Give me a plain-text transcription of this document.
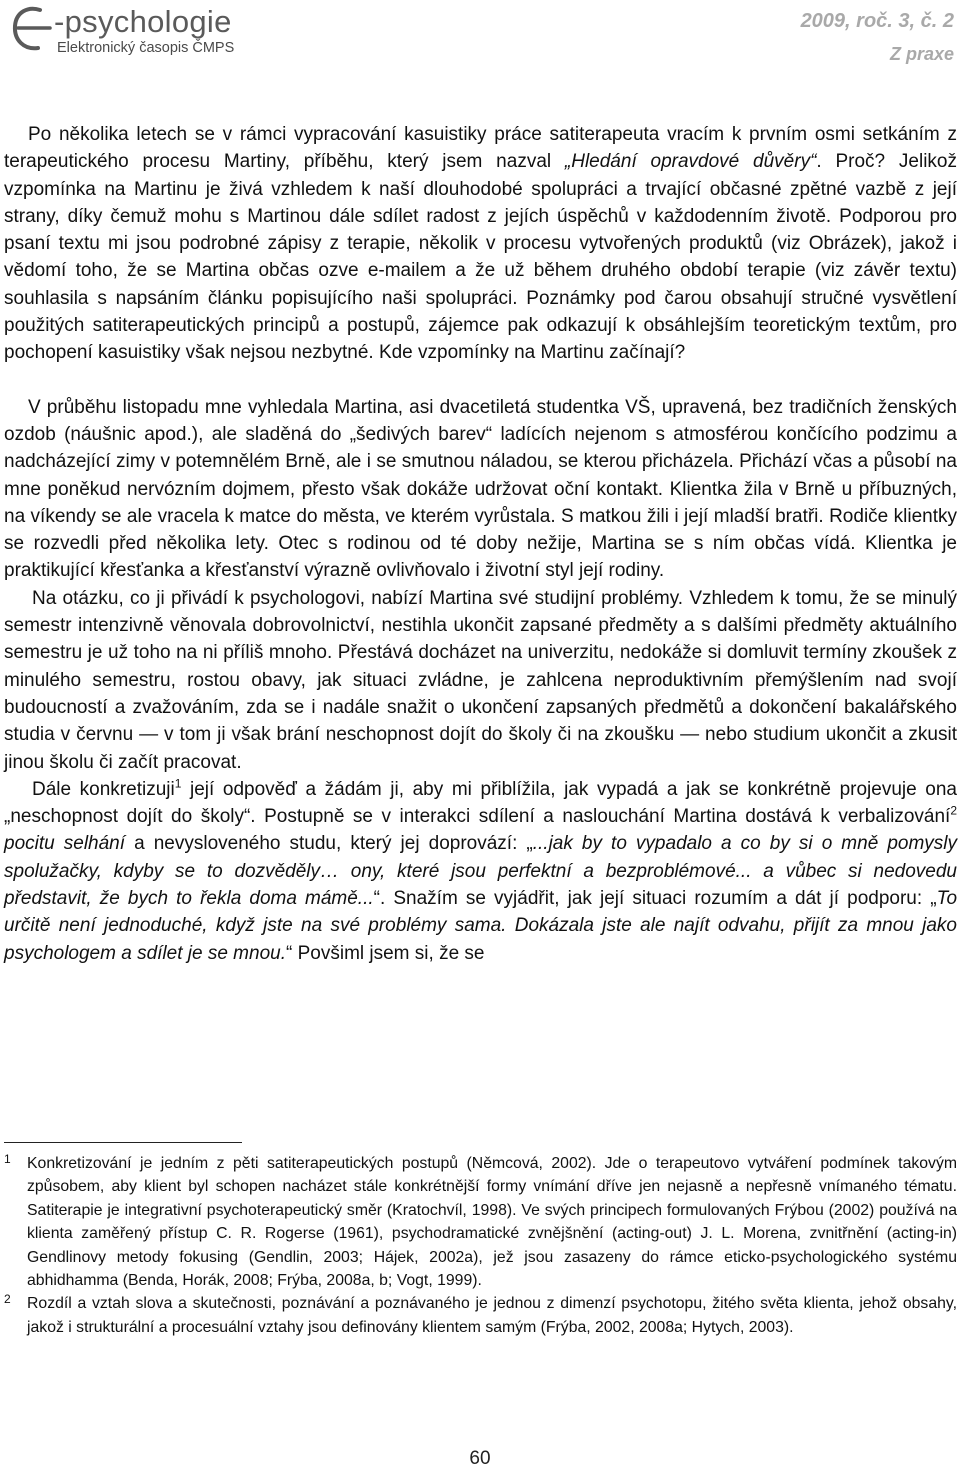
-psychologie
Elektronický časopis ČMPS
2009, roč. 3, č. 2
Z praxe

Po několika letech se v rámci vypracování kasuistiky práce satiterapeuta vracím k prvním osmi setkáním z terapeutického procesu Martiny, příběhu, který jsem nazval „Hledání opravdové důvěry“. Proč? Jelikož vzpomínka na Martinu je živá vzhledem k naší dlouhodobé spolupráci a trvající občasné zpětné vazbě z její strany, díky čemuž mohu s Martinou dále sdílet radost z jejích úspěchů v každodenním životě. Podporou pro psaní textu mi jsou podrobné zápisy z terapie, několik v procesu vytvořených produktů (viz Obrázek), jakož i vědomí toho, že se Martina občas ozve e-mailem a že už během druhého období terapie (viz závěr textu) souhlasila s napsáním článku popisujícího naši spolupráci. Poznámky pod čarou obsahují stručné vysvětlení použitých satiterapeutických principů a postupů, zájemce pak odkazují k obsáhlejším teoretickým textům, pro pochopení kasuistiky však nejsou nezbytné. Kde vzpomínky na Martinu začínají?

V průběhu listopadu mne vyhledala Martina, asi dvacetiletá studentka VŠ, upravená, bez tradičních ženských ozdob (náušnic apod.), ale sladěná do „šedivých barev“ ladících nejenom s atmosférou končícího podzimu a nadcházející zimy v potemnělém Brně, ale i se smutnou náladou, se kterou přicházela. Přichází včas a působí na mne poněkud nervózním dojmem, přesto však dokáže udržovat oční kontakt. Klientka žila v Brně u příbuzných, na víkendy se ale vracela k matce do města, ve kterém vyrůstala. S matkou žili i její mladší bratři. Rodiče klientky se rozvedli před několika lety. Otec s rodinou od té doby nežije, Martina se s ním občas vídá. Klientka je praktikující křesťanka a křesťanství výrazně ovlivňovalo i životní styl její rodiny.

Na otázku, co ji přivádí k psychologovi, nabízí Martina své studijní problémy. Vzhledem k tomu, že se minulý semestr intenzivně věnovala dobrovolnictví, nestihla ukončit zapsané předměty a s dalšími předměty aktuálního semestru je už toho na ni příliš mnoho. Přestává docházet na univerzitu, nedokáže si domluvit termíny zkoušek z minulého semestru, rostou obavy, jak situaci zvládne, je zahlcena neproduktivním přemýšlením nad svojí budoucností a zvažováním, zda se i nadále snažit o ukončení zapsaných předmětů a dokončení bakalářského studia v červnu — v tom ji však brání neschopnost dojít do školy či na zkoušku — nebo studium ukončit a zkusit jinou školu či začít pracovat.

Dále konkretizuji$^1$ její odpověď a žádám ji, aby mi přiblížila, jak vypadá a jak se konkrétně projevuje ona „neschopnost dojít do školy“. Postupně se v interakci sdílení a naslouchání Martina dostává k verbalizování$^2$ pocitu selhání a nevysloveného studu, který jej doprovází: „...jak by to vypadalo a co by si o mně pomysly spolužačky, kdyby se to dozvěděly… ony, které jsou perfektní a bezproblémové... a vůbec si nedovedu představit, že bych to řekla doma mámě...“. Snažím se vyjádřit, jak její situaci rozumím a dát jí podporu: „To určitě není jednoduché, když jste na své problémy sama. Dokázala jste ale najít odvahu, přijít za mnou jako psychologem a sdílet je se mnou.“ Povšiml jsem si, že se

1 Konkretizování je jedním z pěti satiterapeutických postupů (Němcová, 2002). Jde o terapeutovo vytváření podmínek takovým způsobem, aby klient byl schopen nacházet stále konkrétnější formy vnímání dříve jen nejasně a nepřesně vnímaného tématu. Satiterapie je integrativní psychoterapeutický směr (Kratochvíl, 1998). Ve svých principech formulovaných Frýbou (2002) používá na klienta zaměřený přístup C. R. Rogerse (1961), psychodramatické zvnějšnění (acting-out) J. L. Morena, zvnitřnění (acting-in) Gendlinovy metody fokusing (Gendlin, 2003; Hájek, 2002a), jež jsou zasazeny do rámce eticko-psychologického systému abhidhamma (Benda, Horák, 2008; Frýba, 2008a, b; Vogt, 1999).

2 Rozdíl a vztah slova a skutečnosti, poznávání a poznávaného je jednou z dimenzí psychotopu, žitého světa klienta, jehož obsahy, jakož i strukturální a procesuální vztahy jsou definovány klientem samým (Frýba, 2002, 2008a; Hytych, 2003).

60
